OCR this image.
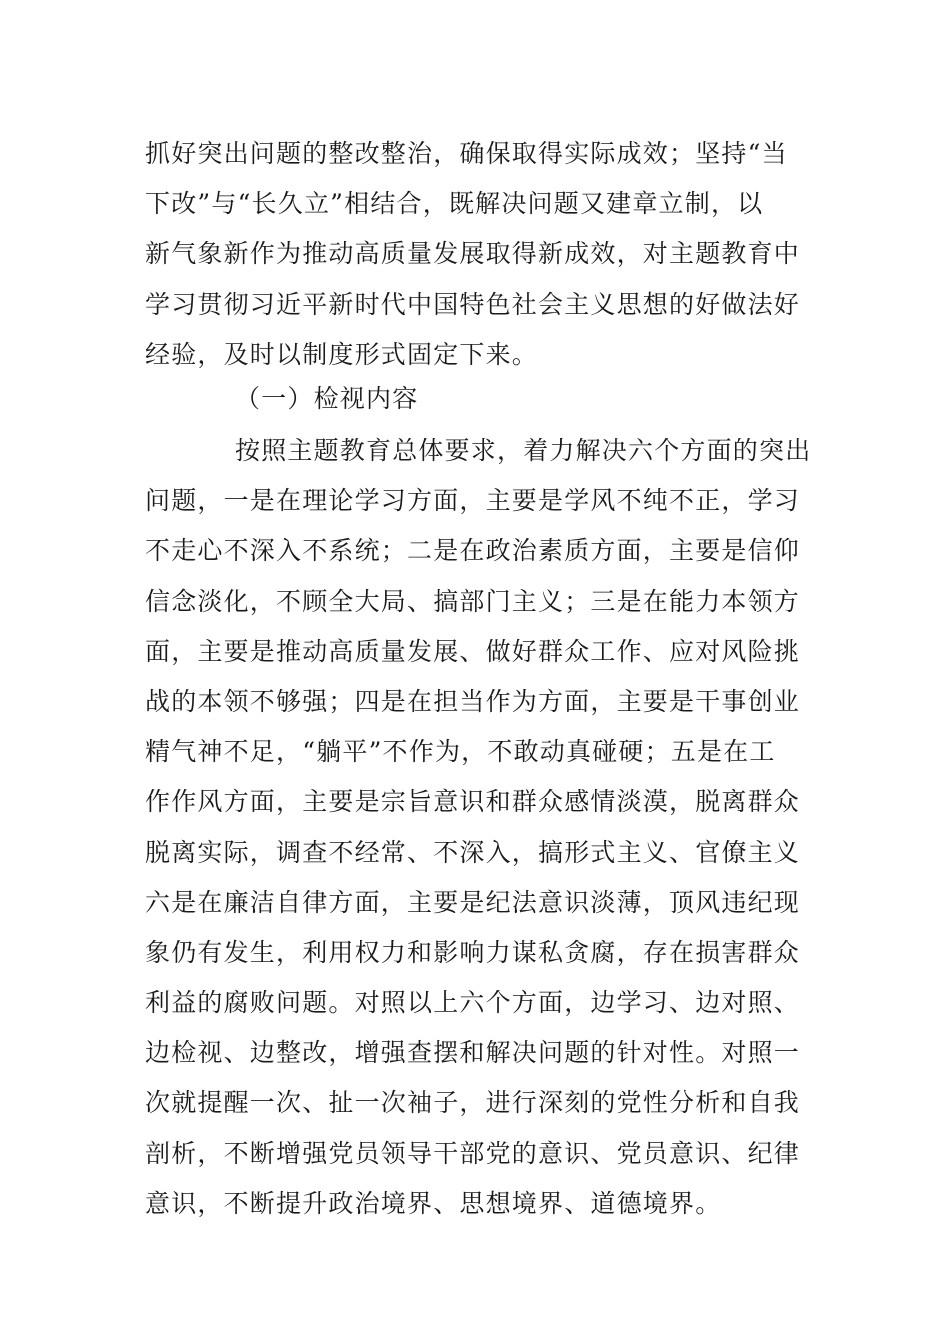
抓好突出问题的整改整治，确保取得实际成效；坚持“当
下改”与“长久立”相结合，既解决问题又建章立制，以
新气象新作为推动高质量发展取得新成效，对主题教育中
学习贯彻习近平新时代中国特色社会主义思想的好做法好
经验，及时以制度形式固定下来。
（一）检视内容
按照主题教育总体要求，着力解决六个方面的突出
问题，一是在理论学习方面，主要是学风不纯不正，学习
不走心不深入不系统；二是在政治素质方面，主要是信仰
信念淡化，不顾全大局、搞部门主义；三是在能力本领方
面，主要是推动高质量发展、做好群众工作、应对风险挑
战的本领不够强；四是在担当作为方面，主要是干事创业
精气神不足，“躺平”不作为，不敢动真碰硬；五是在工
作作风方面，主要是宗旨意识和群众感情淡漠，脱离群众
脱离实际，调查不经常、不深入，搞形式主义、官僚主义
六是在廉洁自律方面，主要是纪法意识淡薄，顶风违纪现
象仍有发生，利用权力和影响力谋私贪腐，存在损害群众
利益的腐败问题。对照以上六个方面，边学习、边对照、
边检视、边整改，增强查摆和解决问题的针对性。对照一
次就提醒一次、扯一次袖子，进行深刻的党性分析和自我
剖析，不断增强党员领导干部党的意识、党员意识、纪律
意识，不断提升政治境界、思想境界、道德境界。
